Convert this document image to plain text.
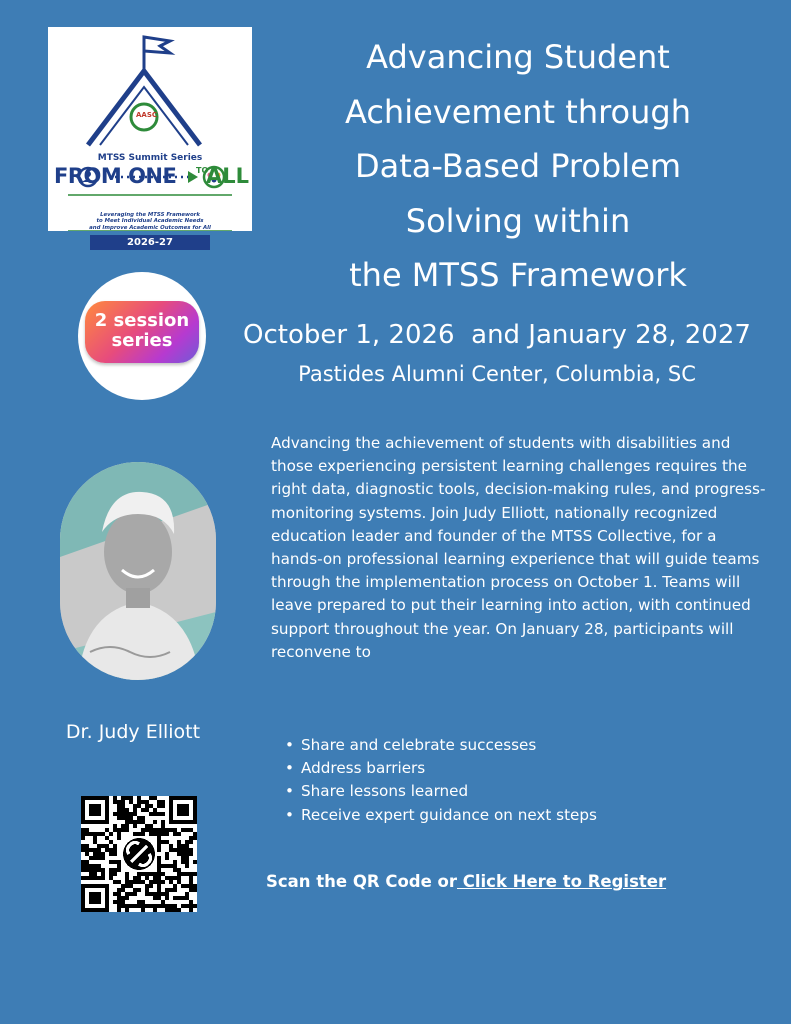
AASC
MTSS Summit Series
FROM ONE TO
ALL
Leveraging the MTSS Framework
to Meet Individual Academic Needs
and Improve Academic Outcomes for All
2026-27
Advancing Student
Achievement through
Data-Based Problem
Solving within
the MTSS Framework
2 session
series	October 1, 2026  and January 28, 2027
Pastides Alumni Center, Columbia, SC
Dr. Judy Elliott

Advancing the achievement of students with disabilities and those experiencing persistent learning challenges requires the right data, diagnostic tools, decision-making rules, and progress-monitoring systems. Join Judy Elliott, nationally recognized education leader and founder of the MTSS Collective, for a hands-on professional learning experience that will guide teams through the implementation process on October 1. Teams will leave prepared to put their learning into action, with continued support throughout the year. On January 28, participants will reconvene to

• Share and celebrate successes
• Address barriers
• Share lessons learned
• Receive expert guidance on next steps
Scan the QR Code or Click Here to Register
